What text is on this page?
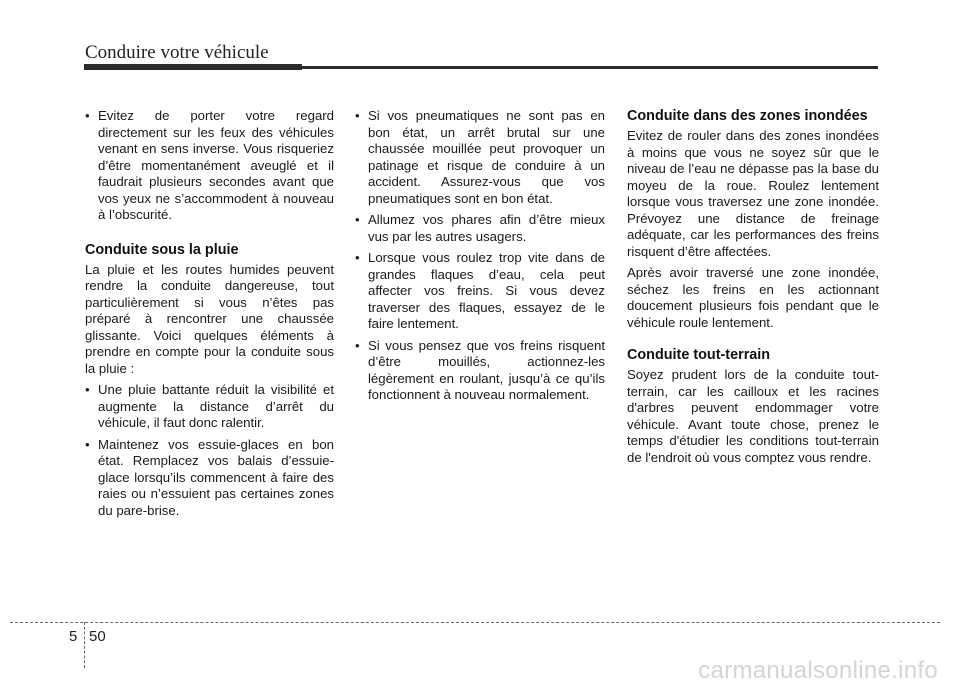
Conduire votre véhicule
• Evitez de porter votre regard directement sur les feux des véhicules venant en sens inverse. Vous risqueriez d’être momentanément aveuglé et il faudrait plusieurs secondes avant que vos yeux ne s’accommodent à nouveau à l’obscurité.
Conduite sous la pluie

La pluie et les routes humides peuvent rendre la conduite dangereuse, tout particulièrement si vous n’êtes pas préparé à rencontrer une chaussée glissante. Voici quelques éléments à prendre en compte pour la conduite sous la pluie :

• Une pluie battante réduit la visibilité et augmente la distance d’arrêt du véhicule, il faut donc ralentir.
• Maintenez vos essuie-glaces en bon état. Remplacez vos balais d’essuie-glace lorsqu’ils commencent à faire des raies ou n’essuient pas certaines zones du pare-brise.
• Si vos pneumatiques ne sont pas en bon état, un arrêt brutal sur une chaussée mouillée peut provoquer un patinage et risque de conduire à un accident. Assurez-vous que vos pneumatiques sont en bon état.
• Allumez vos phares afin d’être mieux vus par les autres usagers.
• Lorsque vous roulez trop vite dans de grandes flaques d’eau, cela peut affecter vos freins. Si vous devez traverser des flaques, essayez de le faire lentement.
• Si vous pensez que vos freins risquent d’être mouillés, actionnez-les légèrement en roulant, jusqu’à ce qu’ils fonctionnent à nouveau normalement.
Conduite dans des zones inondées

Evitez de rouler dans des zones inondées à moins que vous ne soyez sûr que le niveau de l’eau ne dépasse pas la base du moyeu de la roue. Roulez lentement lorsque vous traversez une zone inondée. Prévoyez une distance de freinage adéquate, car les performances des freins risquent d’être affectées.

Après avoir traversé une zone inondée, séchez les freins en les actionnant doucement plusieurs fois pendant que le véhicule roule lentement.

Conduite tout-terrain

Soyez prudent lors de la conduite tout-terrain, car les cailloux et les racines d'arbres peuvent endommager votre véhicule. Avant toute chose, prenez le temps d'étudier les conditions tout-terrain de l'endroit où vous comptez vous rendre.

5 50
carmanualsonline.info
